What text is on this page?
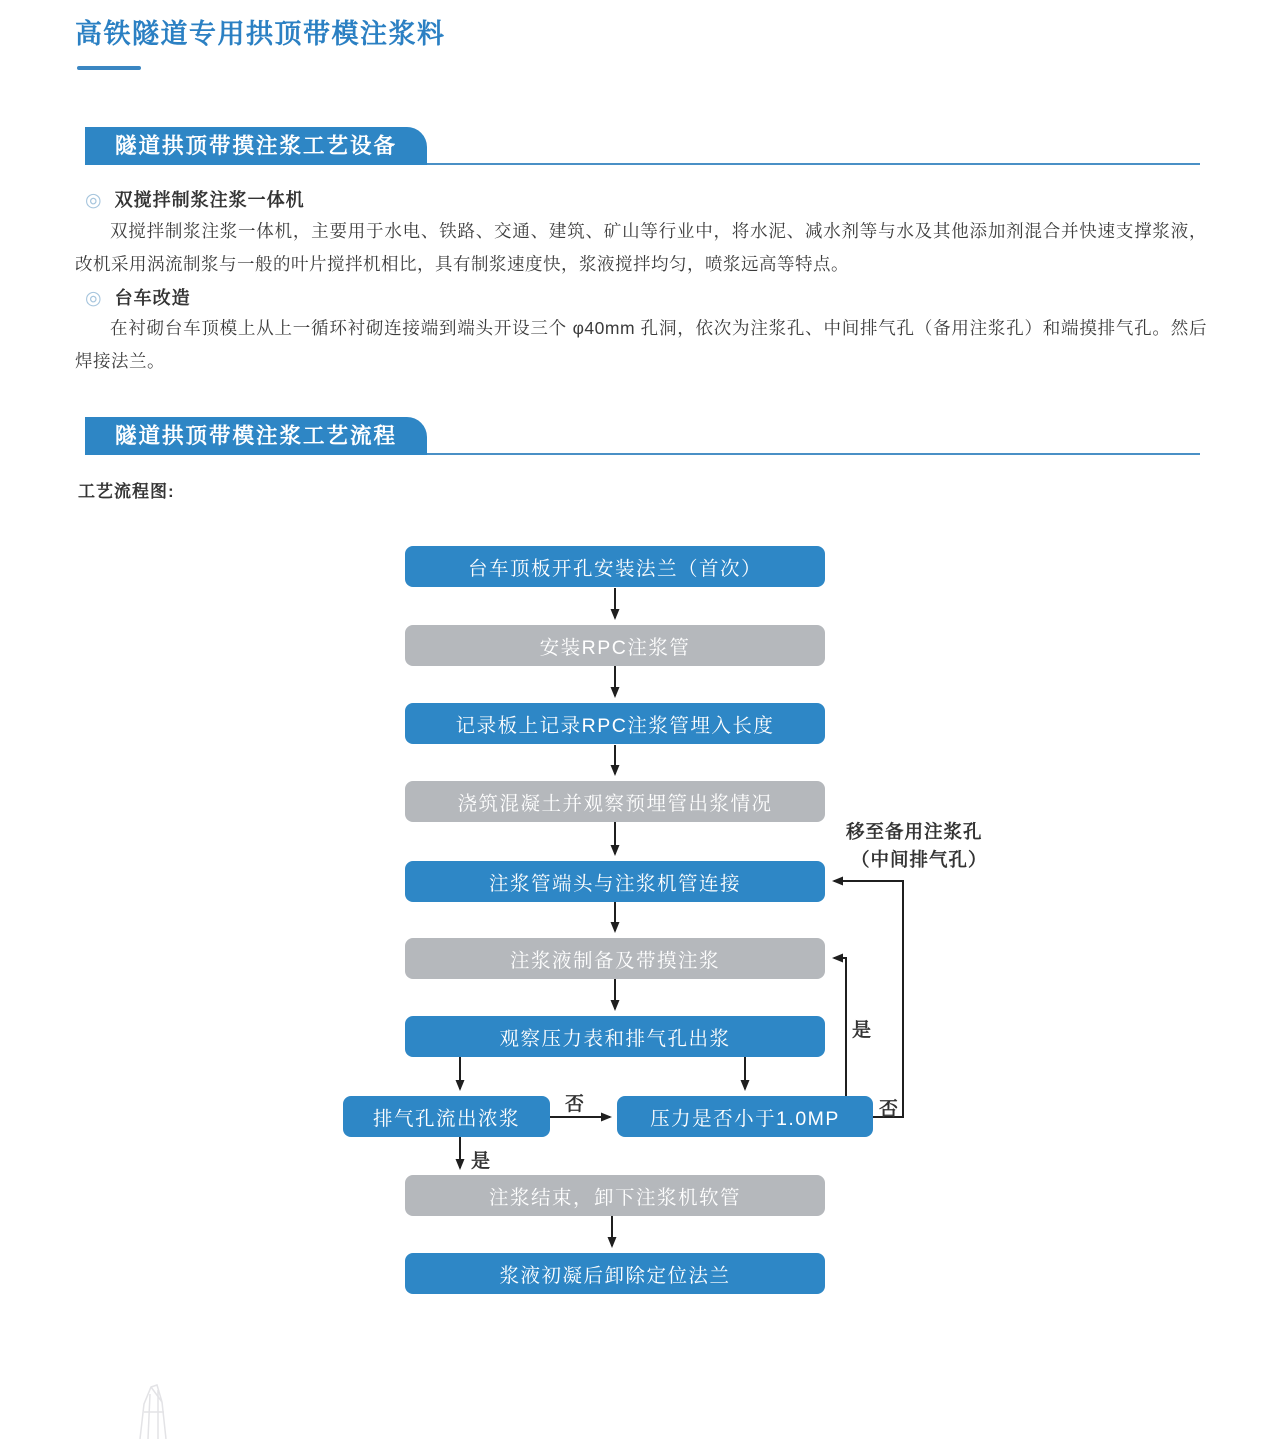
高铁隧道专用拱顶带模注浆料
隧道拱顶带摸注浆工艺设备
◎ 双搅拌制浆注浆一体机
双搅拌制浆注浆一体机，主要用于水电、铁路、交通、建筑、矿山等行业中，将水泥、减水剂等与水及其他添加剂混合并快速支撑浆液，改机采用涡流制浆与一般的叶片搅拌机相比，具有制浆速度快，浆液搅拌均匀，喷浆远高等特点。
◎ 台车改造
在衬砌台车顶模上从上一循环衬砌连接端到端头开设三个 φ40mm 孔洞，依次为注浆孔、中间排气孔（备用注浆孔）和端摸排气孔。然后焊接法兰。
隧道拱顶带模注浆工艺流程
工艺流程图:
台车顶板开孔安装法兰（首次）
安装RPC注浆管
记录板上记录RPC注浆管埋入长度
浇筑混凝土并观察预埋管出浆情况
注浆管端头与注浆机管连接
注浆液制备及带摸注浆
观察压力表和排气孔出浆
排气孔流出浓浆	压力是否小于1.0MP
注浆结束，卸下注浆机软管
浆液初凝后卸除定位法兰
移至备用注浆孔
（中间排气孔）
是
否
否
是
